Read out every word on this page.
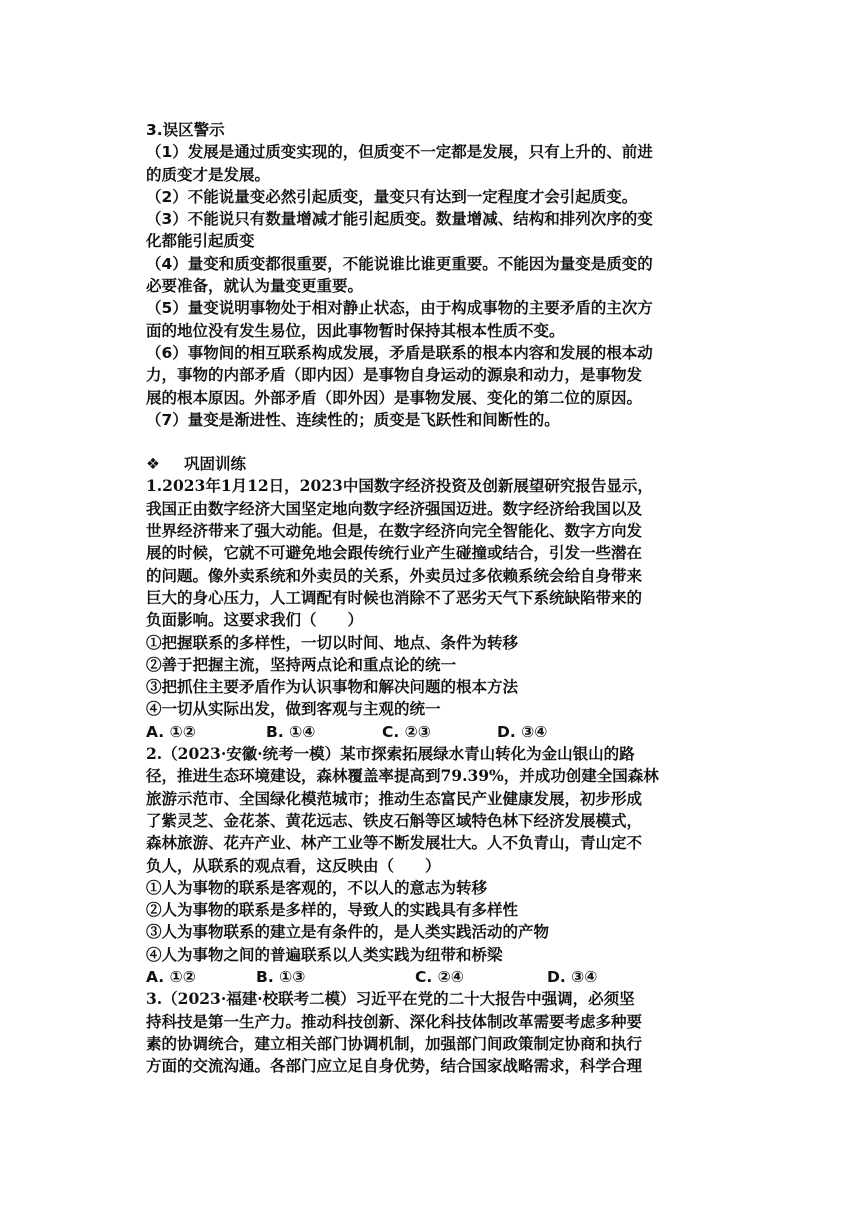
3.误区警示
（1）发展是通过质变实现的，但质变不一定都是发展，只有上升的、前进
的质变才是发展。
（2）不能说量变必然引起质变，量变只有达到一定程度才会引起质变。
（3）不能说只有数量增减才能引起质变。数量增减、结构和排列次序的变
化都能引起质变
（4）量变和质变都很重要，不能说谁比谁更重要。不能因为量变是质变的
必要准备，就认为量变更重要。
（5）量变说明事物处于相对静止状态，由于构成事物的主要矛盾的主次方
面的地位没有发生易位，因此事物暂时保持其根本性质不变。
（6）事物间的相互联系构成发展，矛盾是联系的根本内容和发展的根本动
力，事物的内部矛盾（即内因）是事物自身运动的源泉和动力，是事物发
展的根本原因。外部矛盾（即外因）是事物发展、变化的第二位的原因。
（7）量变是渐进性、连续性的；质变是飞跃性和间断性的。
❖ 巩固训练
1.2023年1月12日，2023中国数字经济投资及创新展望研究报告显示，
我国正由数字经济大国坚定地向数字经济强国迈进。数字经济给我国以及
世界经济带来了强大动能。但是，在数字经济向完全智能化、数字方向发
展的时候，它就不可避免地会跟传统行业产生碰撞或结合，引发一些潜在
的问题。像外卖系统和外卖员的关系，外卖员过多依赖系统会给自身带来
巨大的身心压力，人工调配有时候也消除不了恶劣天气下系统缺陷带来的
负面影响。这要求我们（　　）
①把握联系的多样性，一切以时间、地点、条件为转移
②善于把握主流，坚持两点论和重点论的统一
③把抓住主要矛盾作为认识事物和解决问题的根本方法
④一切从实际出发，做到客观与主观的统一
A. ①②	B. ①④	C. ②③	D. ③④
2.（2023·安徽·统考一模）某市探索拓展绿水青山转化为金山银山的路
径，推进生态环境建设，森林覆盖率提高到79.39%，并成功创建全国森林
旅游示范市、全国绿化模范城市；推动生态富民产业健康发展，初步形成
了紫灵芝、金花茶、黄花远志、铁皮石斛等区域特色林下经济发展模式，
森林旅游、花卉产业、林产工业等不断发展壮大。人不负青山，青山定不
负人，从联系的观点看，这反映由（　　）
①人为事物的联系是客观的，不以人的意志为转移
②人为事物的联系是多样的，导致人的实践具有多样性
③人为事物联系的建立是有条件的，是人类实践活动的产物
④人为事物之间的普遍联系以人类实践为纽带和桥梁
A. ①②	B. ①③	C. ②④	D. ③④
3.（2023·福建·校联考二模）习近平在党的二十大报告中强调，必须坚
持科技是第一生产力。推动科技创新、深化科技体制改革需要考虑多种要
素的协调统合，建立相关部门协调机制，加强部门间政策制定协商和执行
方面的交流沟通。各部门应立足自身优势，结合国家战略需求，科学合理
